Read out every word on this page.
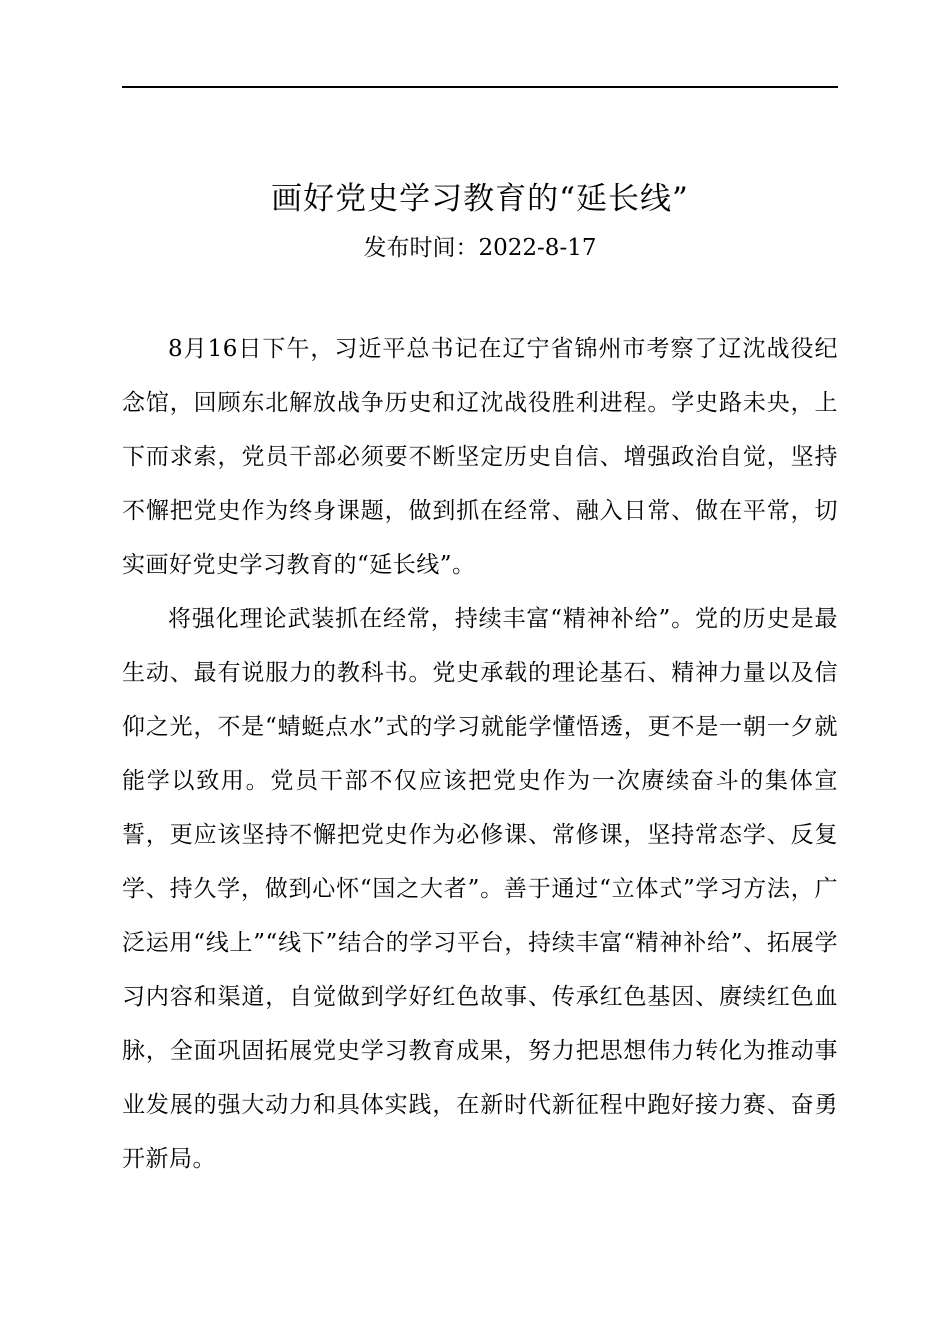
画好党史学习教育的“延长线”
发布时间：2022-8-17

8月16日下午，习近平总书记在辽宁省锦州市考察了辽沈战役纪念馆，回顾东北解放战争历史和辽沈战役胜利进程。学史路未央，上下而求索，党员干部必须要不断坚定历史自信、增强政治自觉，坚持不懈把党史作为终身课题，做到抓在经常、融入日常、做在平常，切实画好党史学习教育的“延长线”。

将强化理论武装抓在经常，持续丰富“精神补给”。党的历史是最生动、最有说服力的教科书。党史承载的理论基石、精神力量以及信仰之光，不是“蜻蜓点水”式的学习就能学懂悟透，更不是一朝一夕就能学以致用。党员干部不仅应该把党史作为一次赓续奋斗的集体宣誓，更应该坚持不懈把党史作为必修课、常修课，坚持常态学、反复学、持久学，做到心怀“国之大者”。善于通过“立体式”学习方法，广泛运用“线上”“线下”结合的学习平台，持续丰富“精神补给”、拓展学习内容和渠道，自觉做到学好红色故事、传承红色基因、赓续红色血脉，全面巩固拓展党史学习教育成果，努力把思想伟力转化为推动事业发展的强大动力和具体实践，在新时代新征程中跑好接力赛、奋勇开新局。
